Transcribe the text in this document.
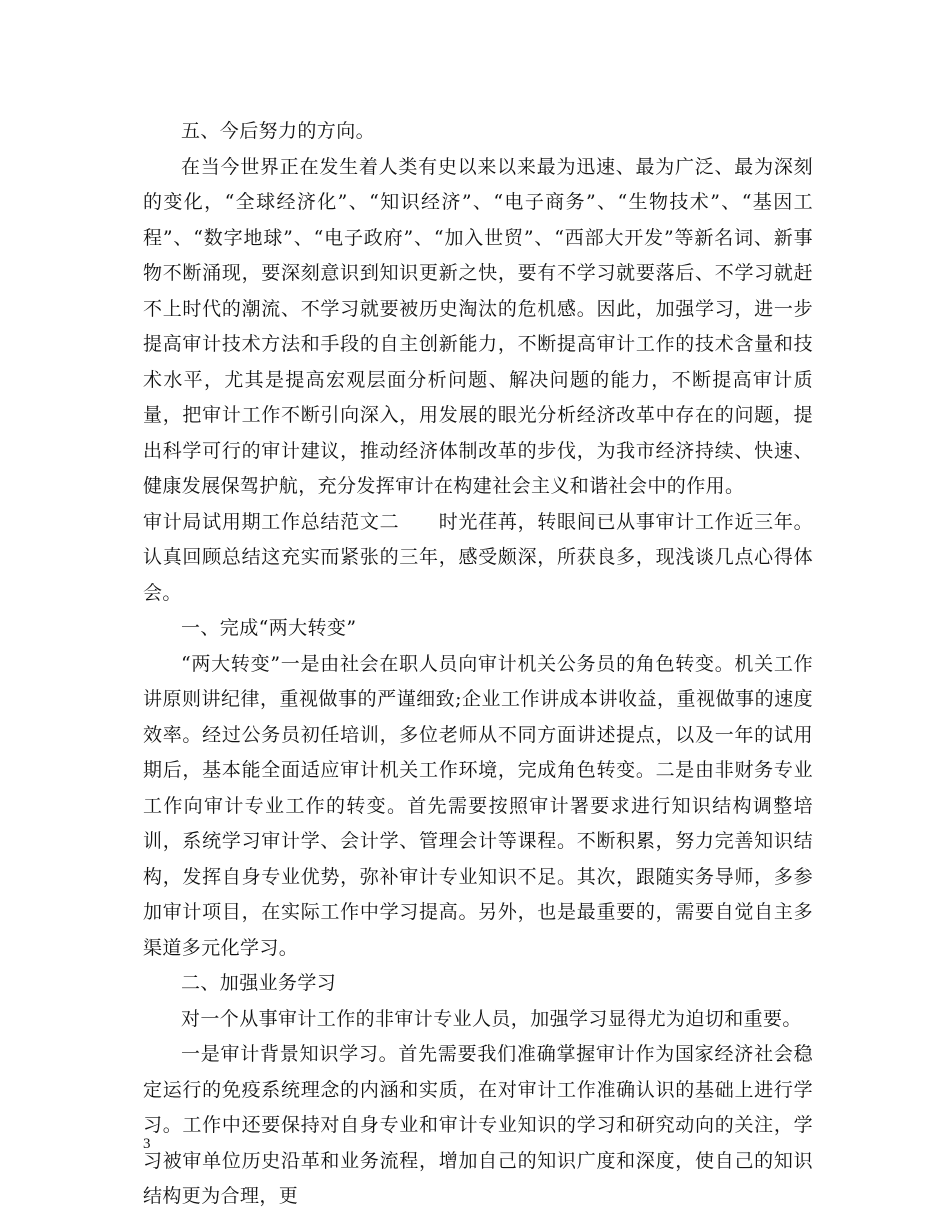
五、今后努力的方向。

在当今世界正在发生着人类有史以来以来最为迅速、最为广泛、最为深刻的变化，“全球经济化”、“知识经济”、“电子商务”、“生物技术”、“基因工程”、“数字地球”、“电子政府”、“加入世贸”、“西部大开发”等新名词、新事物不断涌现，要深刻意识到知识更新之快，要有不学习就要落后、不学习就赶不上时代的潮流、不学习就要被历史淘汰的危机感。因此，加强学习，进一步提高审计技术方法和手段的自主创新能力，不断提高审计工作的技术含量和技术水平，尤其是提高宏观层面分析问题、解决问题的能力，不断提高审计质量，把审计工作不断引向深入，用发展的眼光分析经济改革中存在的问题，提出科学可行的审计建议，推动经济体制改革的步伐，为我市经济持续、快速、健康发展保驾护航，充分发挥审计在构建社会主义和谐社会中的作用。

审计局试用期工作总结范文二　　时光荏苒，转眼间已从事审计工作近三年。认真回顾总结这充实而紧张的三年，感受颇深，所获良多，现浅谈几点心得体会。

一、完成“两大转变”

“两大转变”一是由社会在职人员向审计机关公务员的角色转变。机关工作讲原则讲纪律，重视做事的严谨细致;企业工作讲成本讲收益，重视做事的速度效率。经过公务员初任培训，多位老师从不同方面讲述提点，以及一年的试用期后，基本能全面适应审计机关工作环境，完成角色转变。二是由非财务专业工作向审计专业工作的转变。首先需要按照审计署要求进行知识结构调整培训，系统学习审计学、会计学、管理会计等课程。不断积累，努力完善知识结构，发挥自身专业优势，弥补审计专业知识不足。其次，跟随实务导师，多参加审计项目，在实际工作中学习提高。另外，也是最重要的，需要自觉自主多渠道多元化学习。

二、加强业务学习

对一个从事审计工作的非审计专业人员，加强学习显得尤为迫切和重要。

一是审计背景知识学习。首先需要我们准确掌握审计作为国家经济社会稳定运行的免疫系统理念的内涵和实质，在对审计工作准确认识的基础上进行学习。工作中还要保持对自身专业和审计专业知识的学习和研究动向的关注，学习被审单位历史沿革和业务流程，增加自己的知识广度和深度，使自己的知识结构更为合理，更

3
